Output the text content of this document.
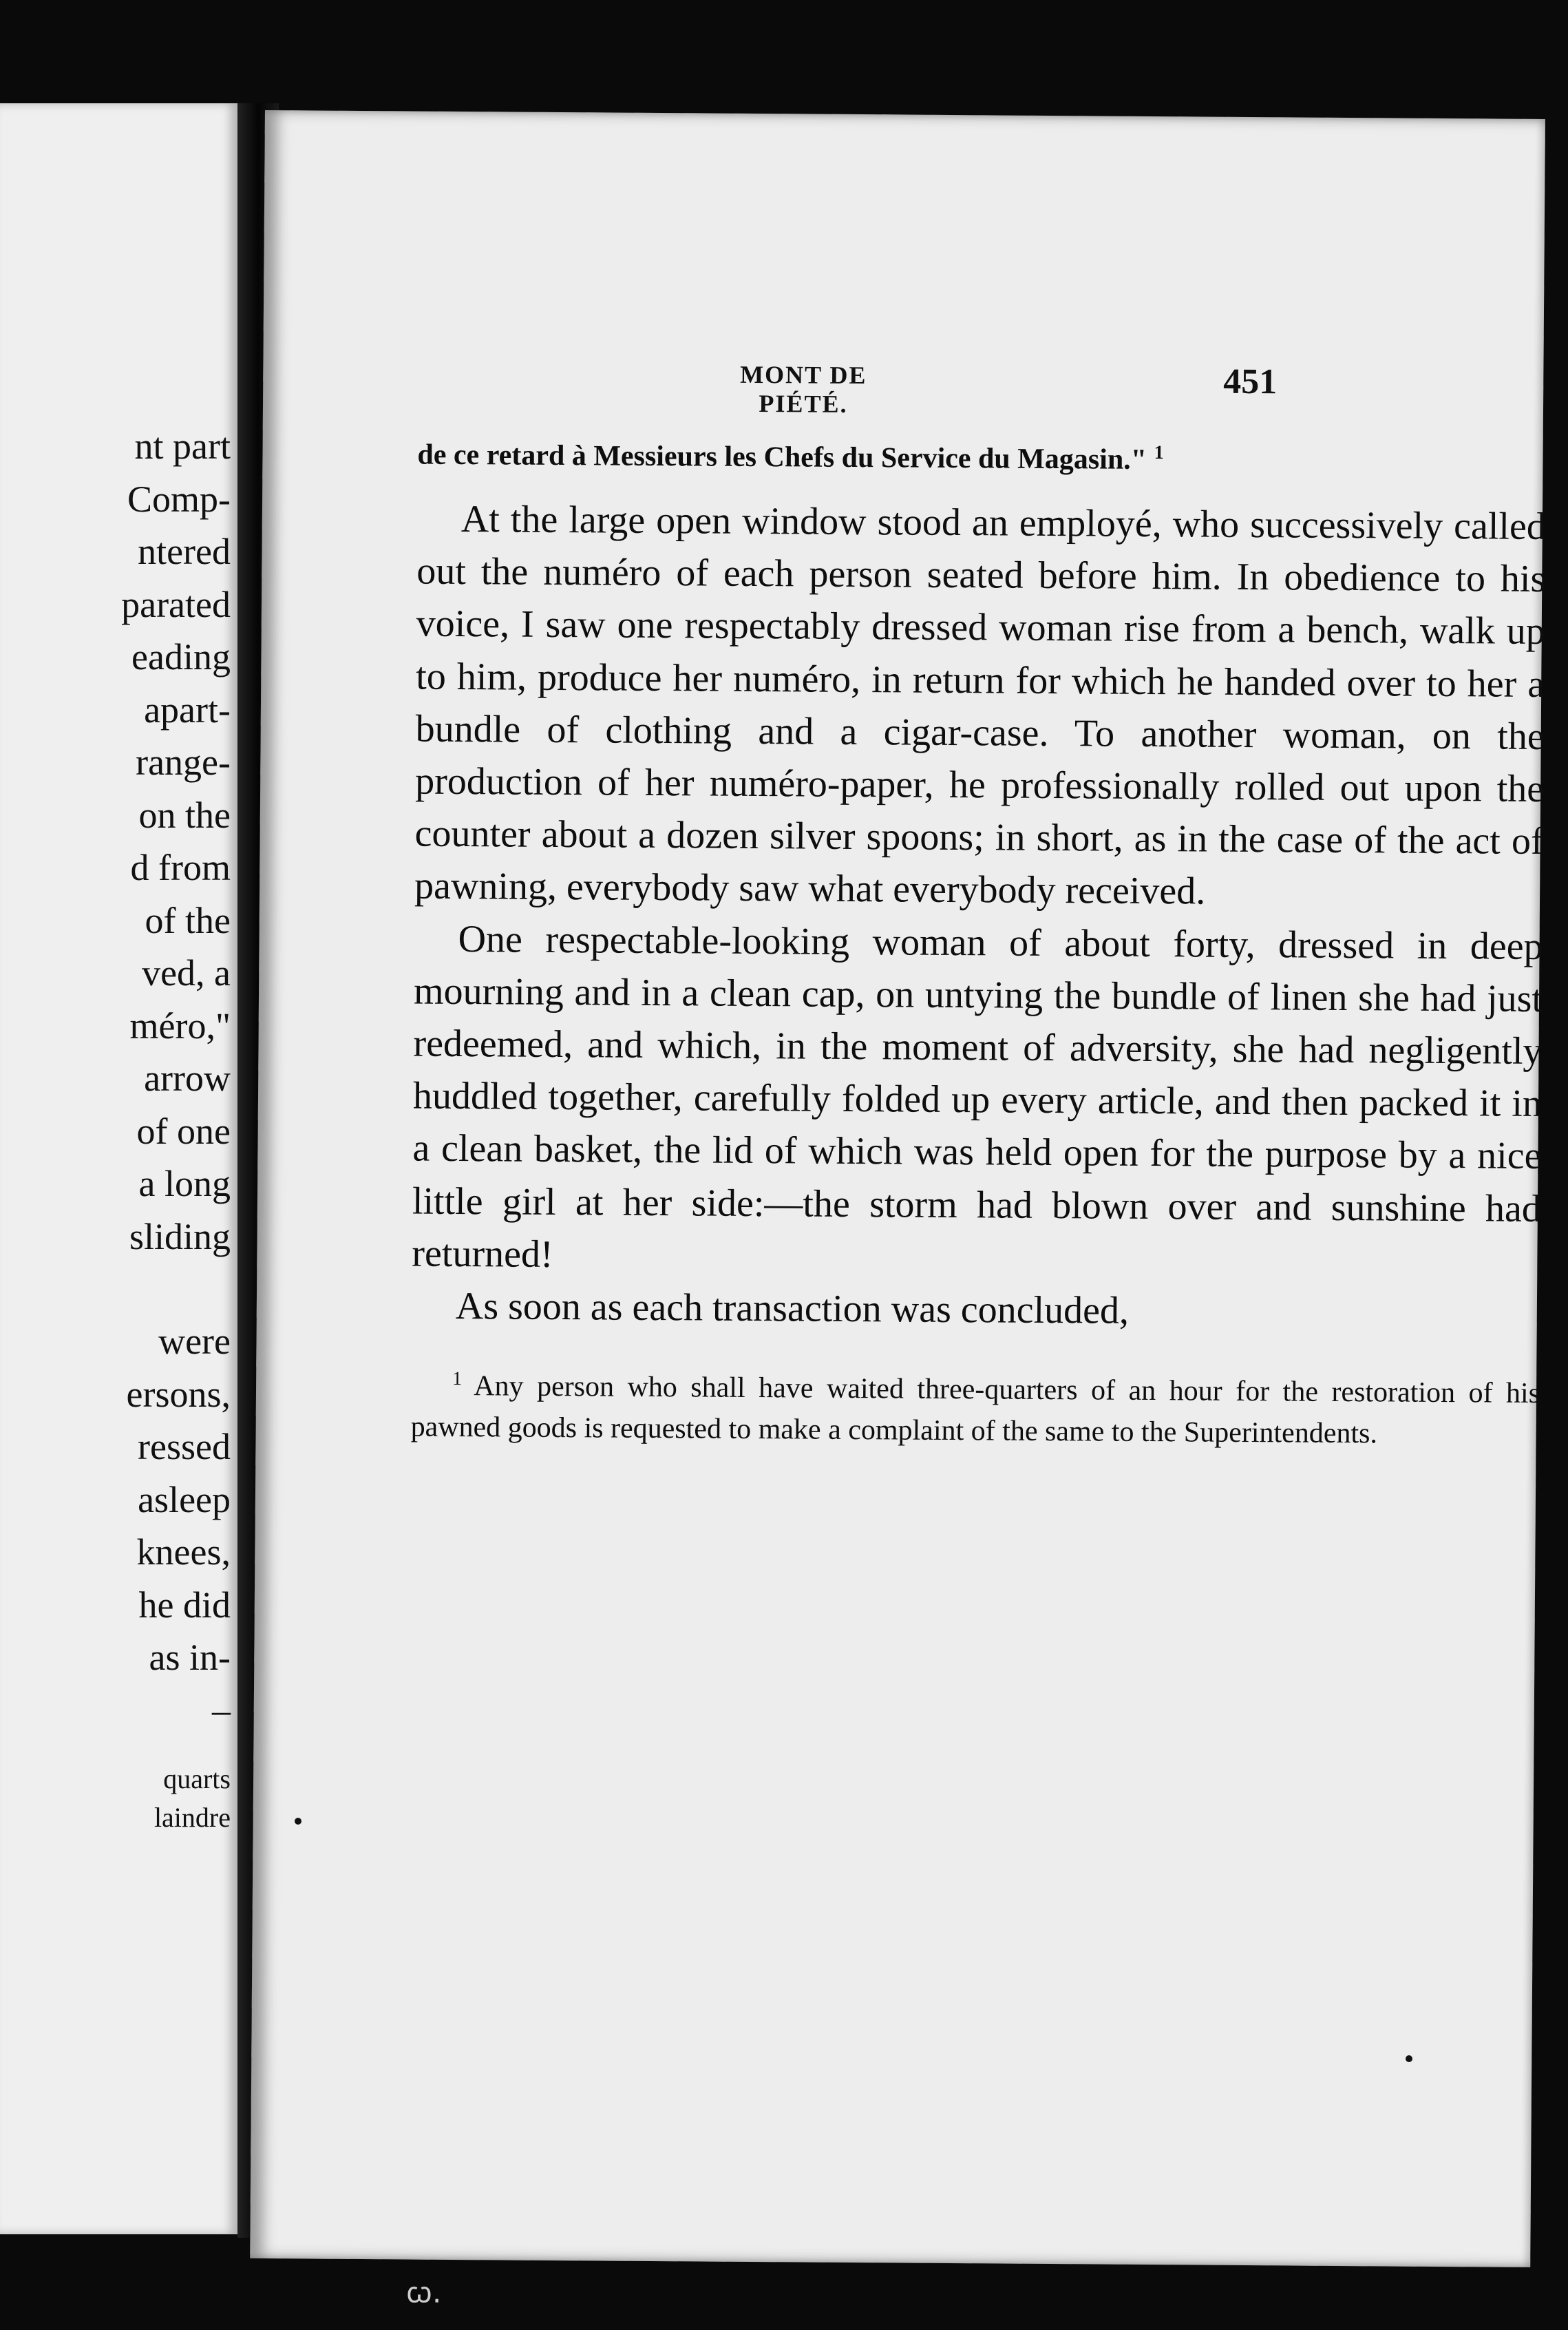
nt part
Comp-
ntered
parated
eading
apart-
range-
on the
d from
of the
ved, a
méro,"
arrow
of one
a long
sliding
were
ersons,
ressed
asleep
knees,
he did
as in-
–
quarts
laindre
MONT DE PIÉTÉ.
451

de ce retard à Messieurs les Chefs du Service du Magasin." $^1$

At the large open window stood an employé, who successively called out the numéro of each person seated before him. In obedience to his voice, I saw one respectably dressed woman rise from a bench, walk up to him, produce her numéro, in return for which he handed over to her a bundle of clothing and a cigar-case. To another woman, on the production of her numéro-paper, he professionally rolled out upon the counter about a dozen silver spoons; in short, as in the case of the act of pawning, everybody saw what everybody received.

One respectable-looking woman of about forty, dressed in deep mourning and in a clean cap, on untying the bundle of linen she had just redeemed, and which, in the moment of adversity, she had negligently huddled together, carefully folded up every article, and then packed it in a clean basket, the lid of which was held open for the purpose by a nice little girl at her side:—the storm had blown over and sunshine had returned!

As soon as each transaction was concluded,

$^1$ Any person who shall have waited three-quarters of an hour for the restoration of his pawned goods is requested to make a complaint of the same to the Superintendents.

ꞷ.
